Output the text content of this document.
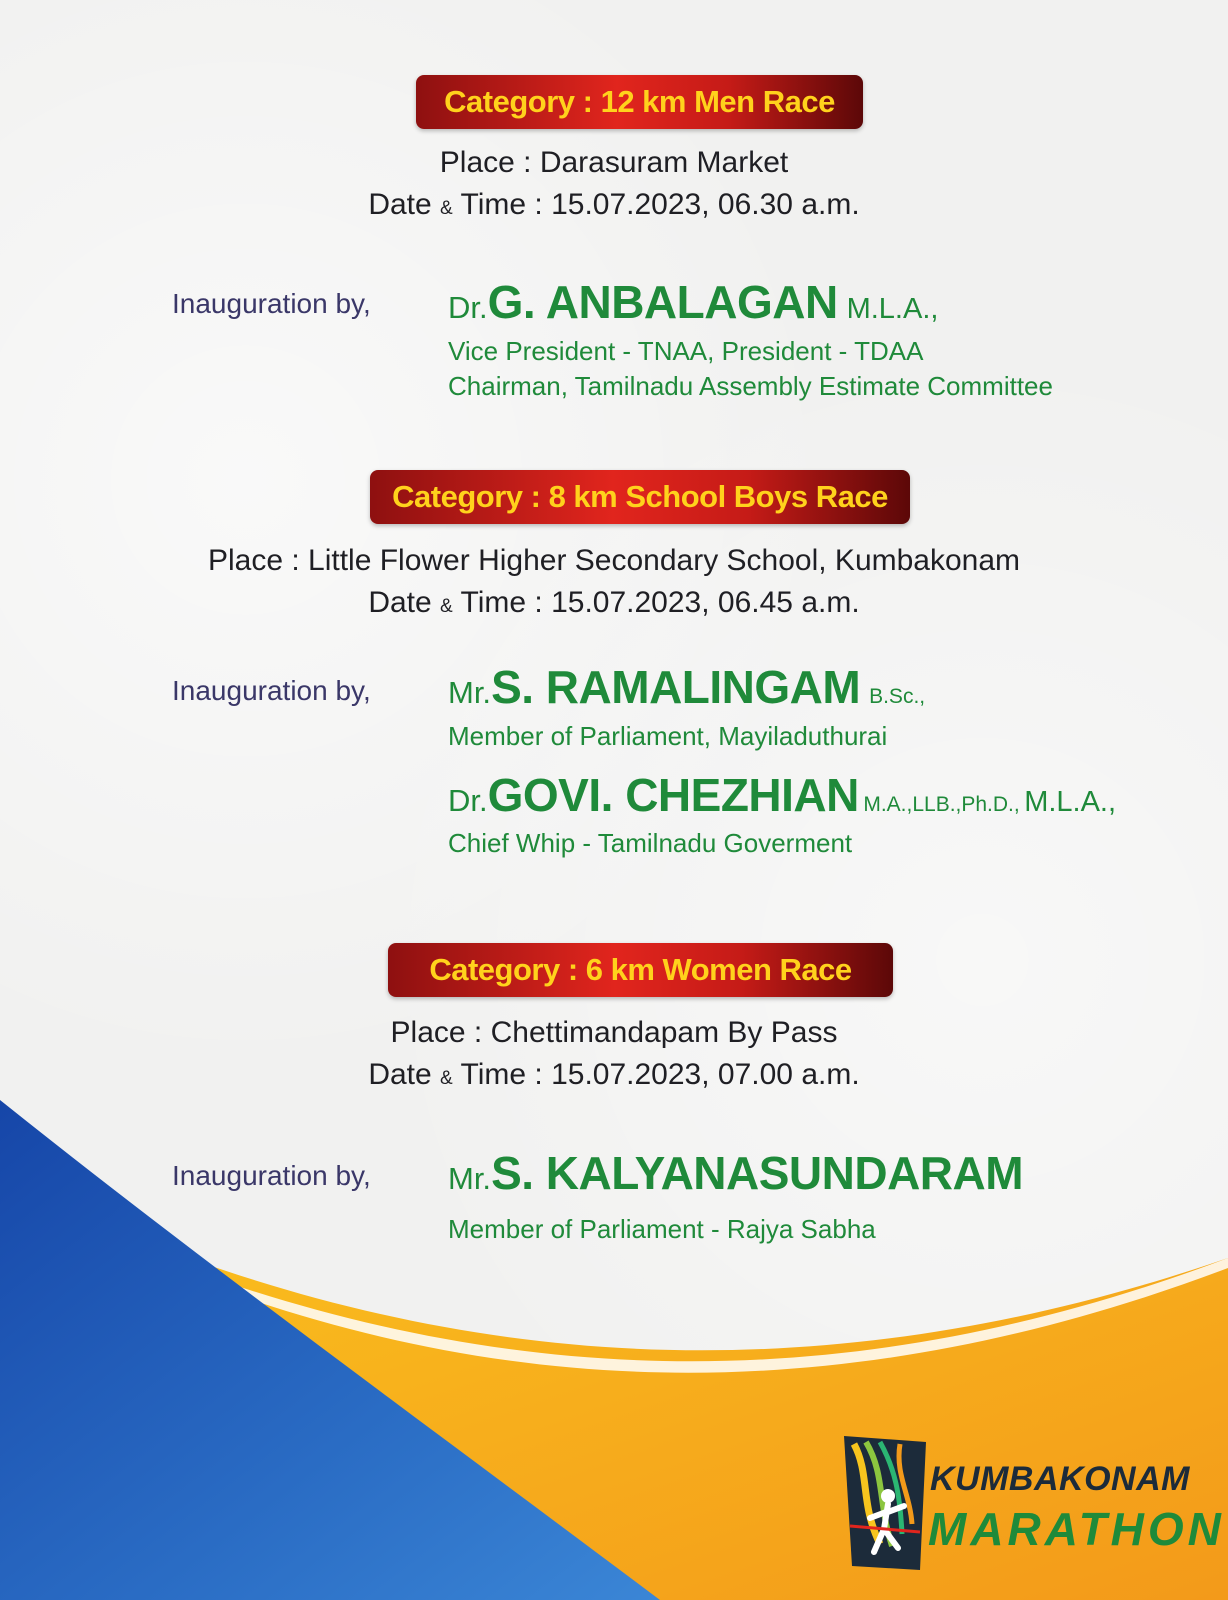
Category : 12 km Men Race
Place : Darasuram Market
Date & Time : 15.07.2023, 06.30 a.m.
Inauguration by, Dr.G. ANBALAGAN M.L.A.,
Vice President - TNAA, President - TDAA
Chairman, Tamilnadu Assembly Estimate Committee
Category : 8 km School Boys Race
Place : Little Flower Higher Secondary School, Kumbakonam
Date & Time : 15.07.2023, 06.45 a.m.
Inauguration by, Mr.S. RAMALINGAM B.Sc.,
Member of Parliament, Mayiladuthurai
Dr.GOVI. CHEZHIAN M.A.,LLB.,Ph.D., M.L.A.,
Chief Whip - Tamilnadu Goverment
Category : 6 km Women Race
Place : Chettimandapam By Pass
Date & Time : 15.07.2023, 07.00 a.m.
Inauguration by, Mr.S. KALYANASUNDARAM
Member of Parliament - Rajya Sabha
KUMBAKONAM
MARATHON
